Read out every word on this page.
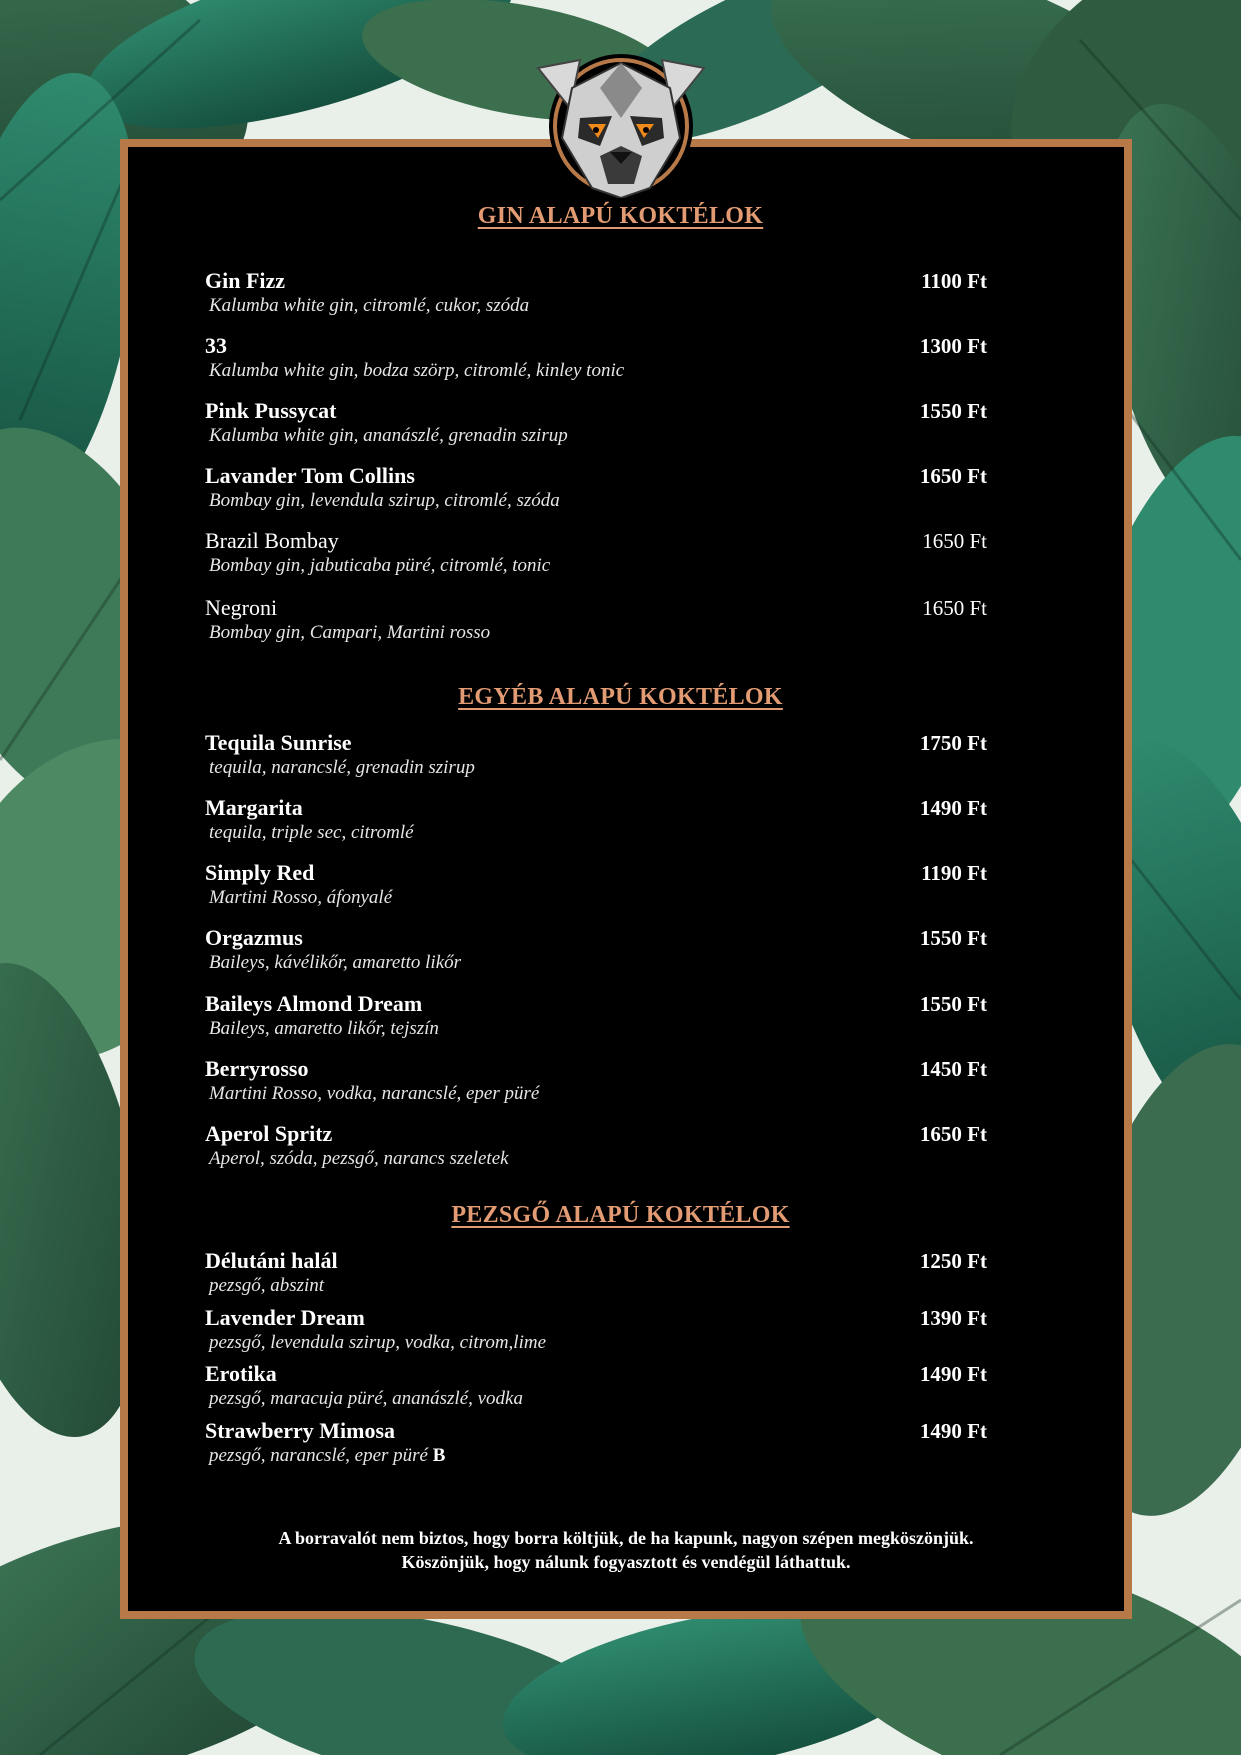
GIN ALAPÚ KOKTÉLOK
Gin Fizz	1100 Ft
Kalumba white gin, citromlé, cukor, szóda
33	1300 Ft
Kalumba white gin, bodza szörp, citromlé, kinley tonic
Pink Pussycat	1550 Ft
Kalumba white gin, ananászlé, grenadin szirup
Lavander Tom Collins	1650 Ft
Bombay gin, levendula szirup, citromlé, szóda
Brazil Bombay	1650 Ft
Bombay gin, jabuticaba püré, citromlé, tonic
Negroni	1650 Ft
Bombay gin, Campari, Martini rosso
EGYÉB ALAPÚ KOKTÉLOK
Tequila Sunrise	1750 Ft
tequila, narancslé, grenadin szirup
Margarita	1490 Ft
tequila, triple sec, citromlé
Simply Red	1190 Ft
Martini Rosso, áfonyalé
Orgazmus	1550 Ft
Baileys, kávélikőr, amaretto likőr
Baileys Almond Dream	1550 Ft
Baileys, amaretto likőr, tejszín
Berryrosso	1450 Ft
Martini Rosso, vodka, narancslé, eper püré
Aperol Spritz	1650 Ft
Aperol, szóda, pezsgő, narancs szeletek
PEZSGŐ ALAPÚ KOKTÉLOK
Délutáni halál	1250 Ft
pezsgő, abszint
Lavender Dream	1390 Ft
pezsgő, levendula szirup, vodka, citrom,lime
Erotika	1490 Ft
pezsgő, maracuja püré, ananászlé, vodka
Strawberry Mimosa	1490 Ft
pezsgő, narancslé, eper püré B
A borravalót nem biztos, hogy borra költjük, de ha kapunk, nagyon szépen megköszönjük.
Köszönjük, hogy nálunk fogyasztott és vendégül láthattuk.
